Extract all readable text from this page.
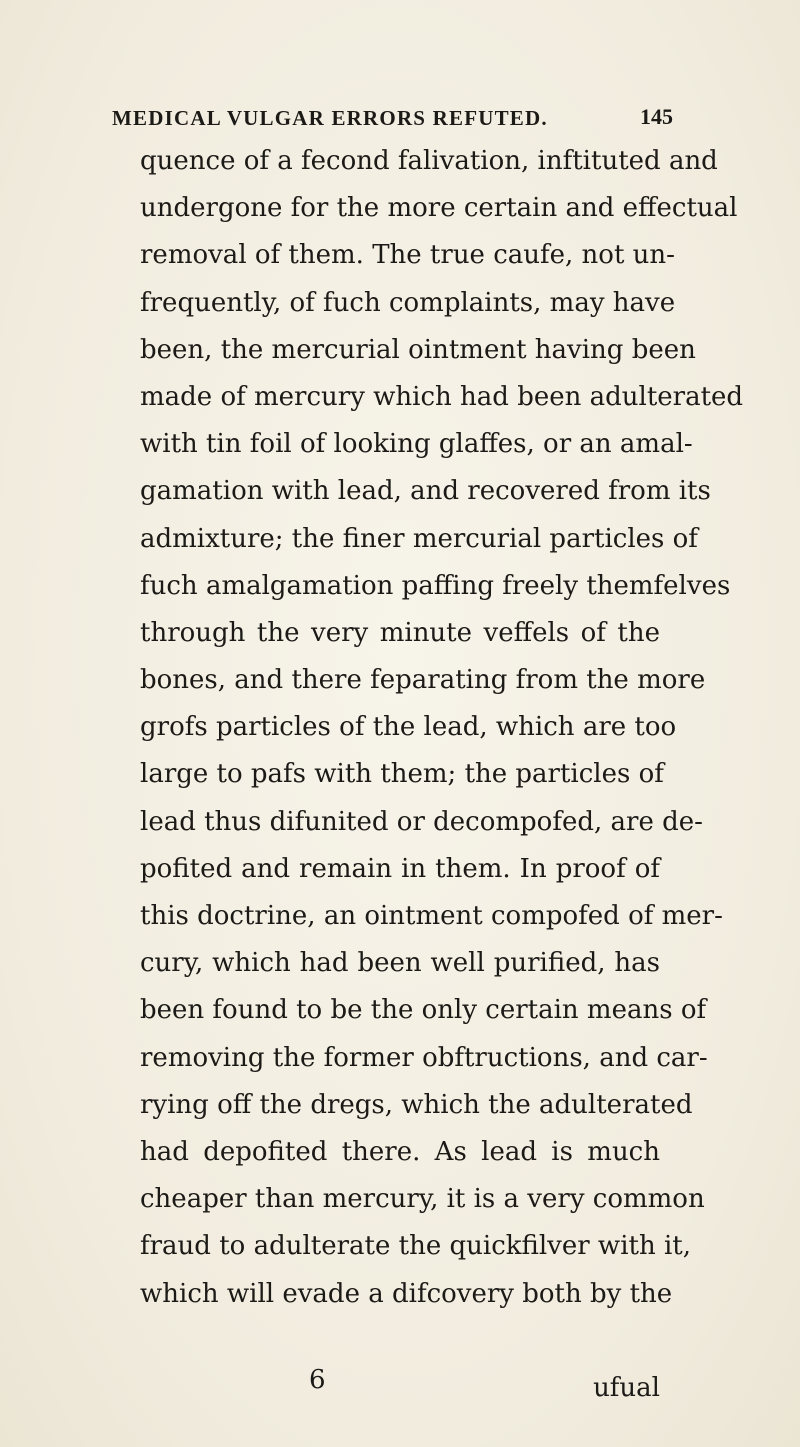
MEDICAL VULGAR ERRORS REFUTED.	145
quence of a fecond falivation, inftituted and
undergone for the more certain and effectual
removal of them. The true caufe, not un-
frequently, of fuch complaints, may have
been, the mercurial ointment having been
made of mercury which had been adulterated
with tin foil of looking glaffes, or an amal-
gamation with lead, and recovered from its
admixture; the finer mercurial particles of
fuch amalgamation paffing freely themfelves
through the very minute veffels of the
bones, and there feparating from the more
grofs particles of the lead, which are too
large to pafs with them; the particles of
lead thus difunited or decompofed, are de-
pofited and remain in them. In proof of
this doctrine, an ointment compofed of mer-
cury, which had been well purified, has
been found to be the only certain means of
removing the former obftructions, and car-
rying off the dregs, which the adulterated
had depofited there. As lead is much
cheaper than mercury, it is a very common
fraud to adulterate the quickfilver with it,
which will evade a difcovery both by the
6	ufual
